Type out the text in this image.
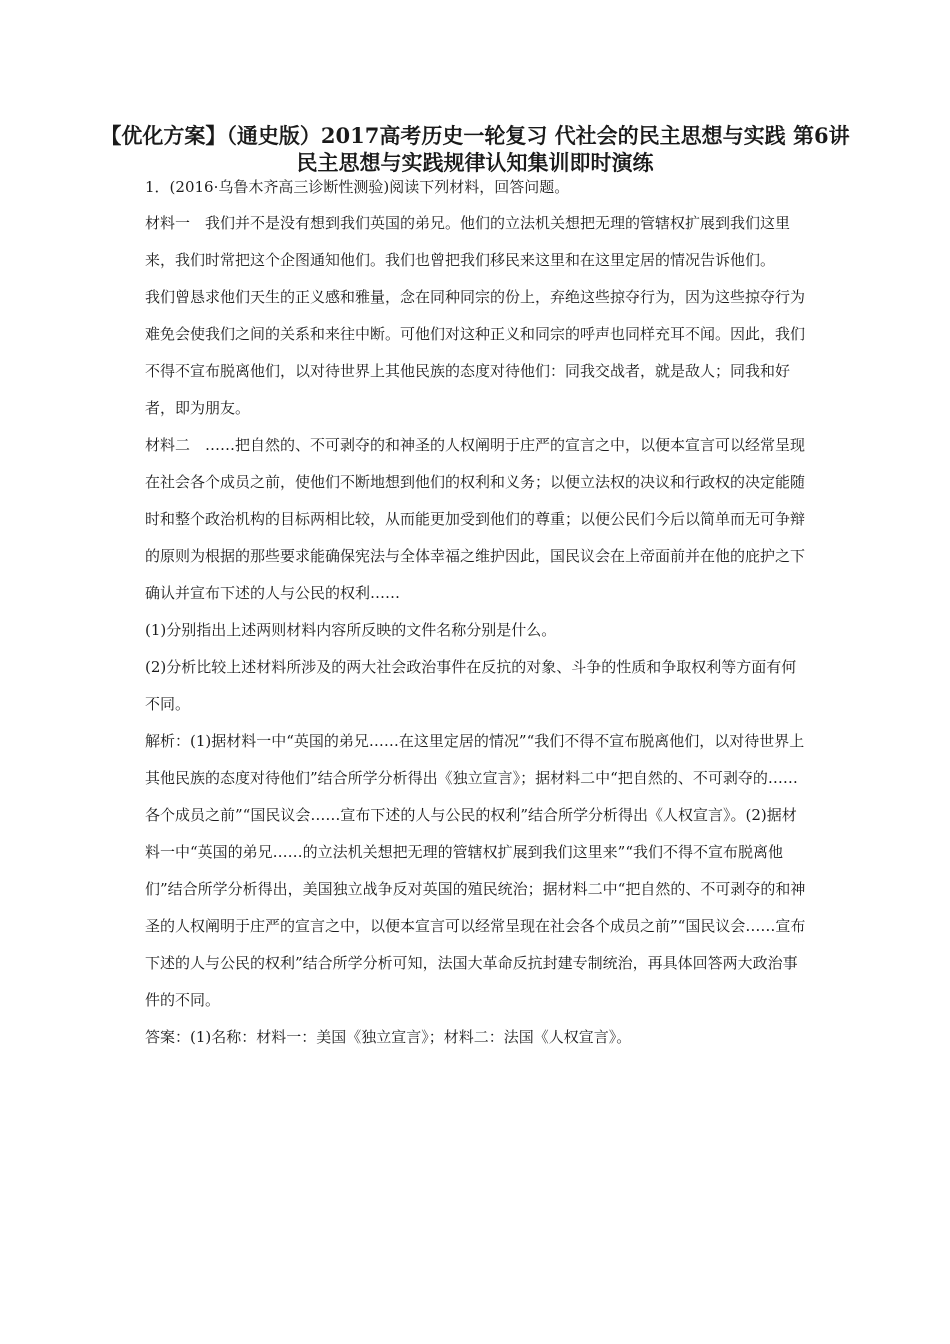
【优化方案】（通史版）2017高考历史一轮复习 代社会的民主思想与实践 第6讲 民主思想与实践规律认知集训即时演练

1．(2016·乌鲁木齐高三诊断性测验)阅读下列材料，回答问题。

材料一　我们并不是没有想到我们英国的弟兄。他们的立法机关想把无理的管辖权扩展到我们这里来，我们时常把这个企图通知他们。我们也曾把我们移民来这里和在这里定居的情况告诉他们。

我们曾恳求他们天生的正义感和雅量，念在同种同宗的份上，弃绝这些掠夺行为，因为这些掠夺行为难免会使我们之间的关系和来往中断。可他们对这种正义和同宗的呼声也同样充耳不闻。因此，我们不得不宣布脱离他们，以对待世界上其他民族的态度对待他们：同我交战者，就是敌人；同我和好者，即为朋友。

材料二　……把自然的、不可剥夺的和神圣的人权阐明于庄严的宣言之中，以便本宣言可以经常呈现在社会各个成员之前，使他们不断地想到他们的权利和义务；以便立法权的决议和行政权的决定能随时和整个政治机构的目标两相比较，从而能更加受到他们的尊重；以便公民们今后以简单而无可争辩的原则为根据的那些要求能确保宪法与全体幸福之维护因此，国民议会在上帝面前并在他的庇护之下确认并宣布下述的人与公民的权利……

(1)分别指出上述两则材料内容所反映的文件名称分别是什么。

(2)分析比较上述材料所涉及的两大社会政治事件在反抗的对象、斗争的性质和争取权利等方面有何不同。

解析：(1)据材料一中“英国的弟兄……在这里定居的情况”“我们不得不宣布脱离他们，以对待世界上其他民族的态度对待他们”结合所学分析得出《独立宣言》；据材料二中“把自然的、不可剥夺的……各个成员之前”“国民议会……宣布下述的人与公民的权利”结合所学分析得出《人权宣言》。(2)据材料一中“英国的弟兄……的立法机关想把无理的管辖权扩展到我们这里来”“我们不得不宣布脱离他们”结合所学分析得出，美国独立战争反对英国的殖民统治；据材料二中“把自然的、不可剥夺的和神圣的人权阐明于庄严的宣言之中，以便本宣言可以经常呈现在社会各个成员之前”“国民议会……宣布下述的人与公民的权利”结合所学分析可知，法国大革命反抗封建专制统治，再具体回答两大政治事件的不同。

答案：(1)名称：材料一：美国《独立宣言》；材料二：法国《人权宣言》。
